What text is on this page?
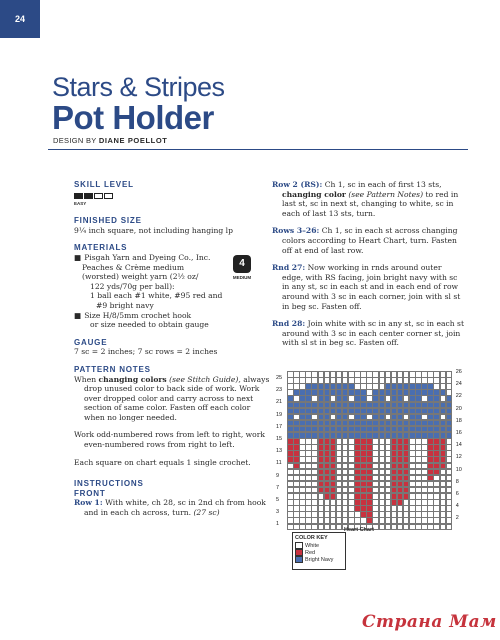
24
Stars & Stripes
Pot Holder
DESIGN BY DIANE POELLOT
SKILL LEVEL
EASY
FINISHED SIZE

9¼ inch square, not including hanging lp

MATERIALS
■ Pisgah Yarn and Dyeing Co., Inc.
Peaches & Crème medium
(worsted) weight yarn (2½ oz/
122 yds/70g per ball):
1 ball each #1 white, #95 red and
#9 bright navy
■ Size H/8/5mm crochet hook
or size needed to obtain gauge
4
MEDIUM
GAUGE

7 sc = 2 inches; 7 sc rows = 2 inches

PATTERN NOTES

When changing colors (see Stitch Guide), always drop unused color to back side of work. Work over dropped color and carry across to next section of same color. Fasten off each color when no longer needed.

Work odd-numbered rows from left to right, work even-numbered rows from right to left.

Each square on chart equals 1 single crochet.

INSTRUCTIONS
FRONT

Row 1: With white, ch 28, sc in 2nd ch from hook and in each ch across, turn. (27 sc)

Row 2 (RS): Ch 1, sc in each of first 13 sts, changing color (see Pattern Notes) to red in last st, sc in next st, changing to white, sc in each of last 13 sts, turn.

Rows 3–26: Ch 1, sc in each st across changing colors according to Heart Chart, turn. Fasten off at end of last row.

Rnd 27: Now working in rnds around outer edge, with RS facing, join bright navy with sc in any st, sc in each st and in each end of row around with 3 sc in each corner, join with sl st in beg sc. Fasten off.

Rnd 28: Join white with sc in any st, sc in each st around with 3 sc in each center corner st, join with sl st in beg sc. Fasten off.

25
23
21
19
17
15
13
11
9
7
5
3
1
26
24
22
20
18
16
14
12
10
8
6
4
2
Heart Chart
COLOR KEY
White
Red
Bright Navy
Страна Мам
